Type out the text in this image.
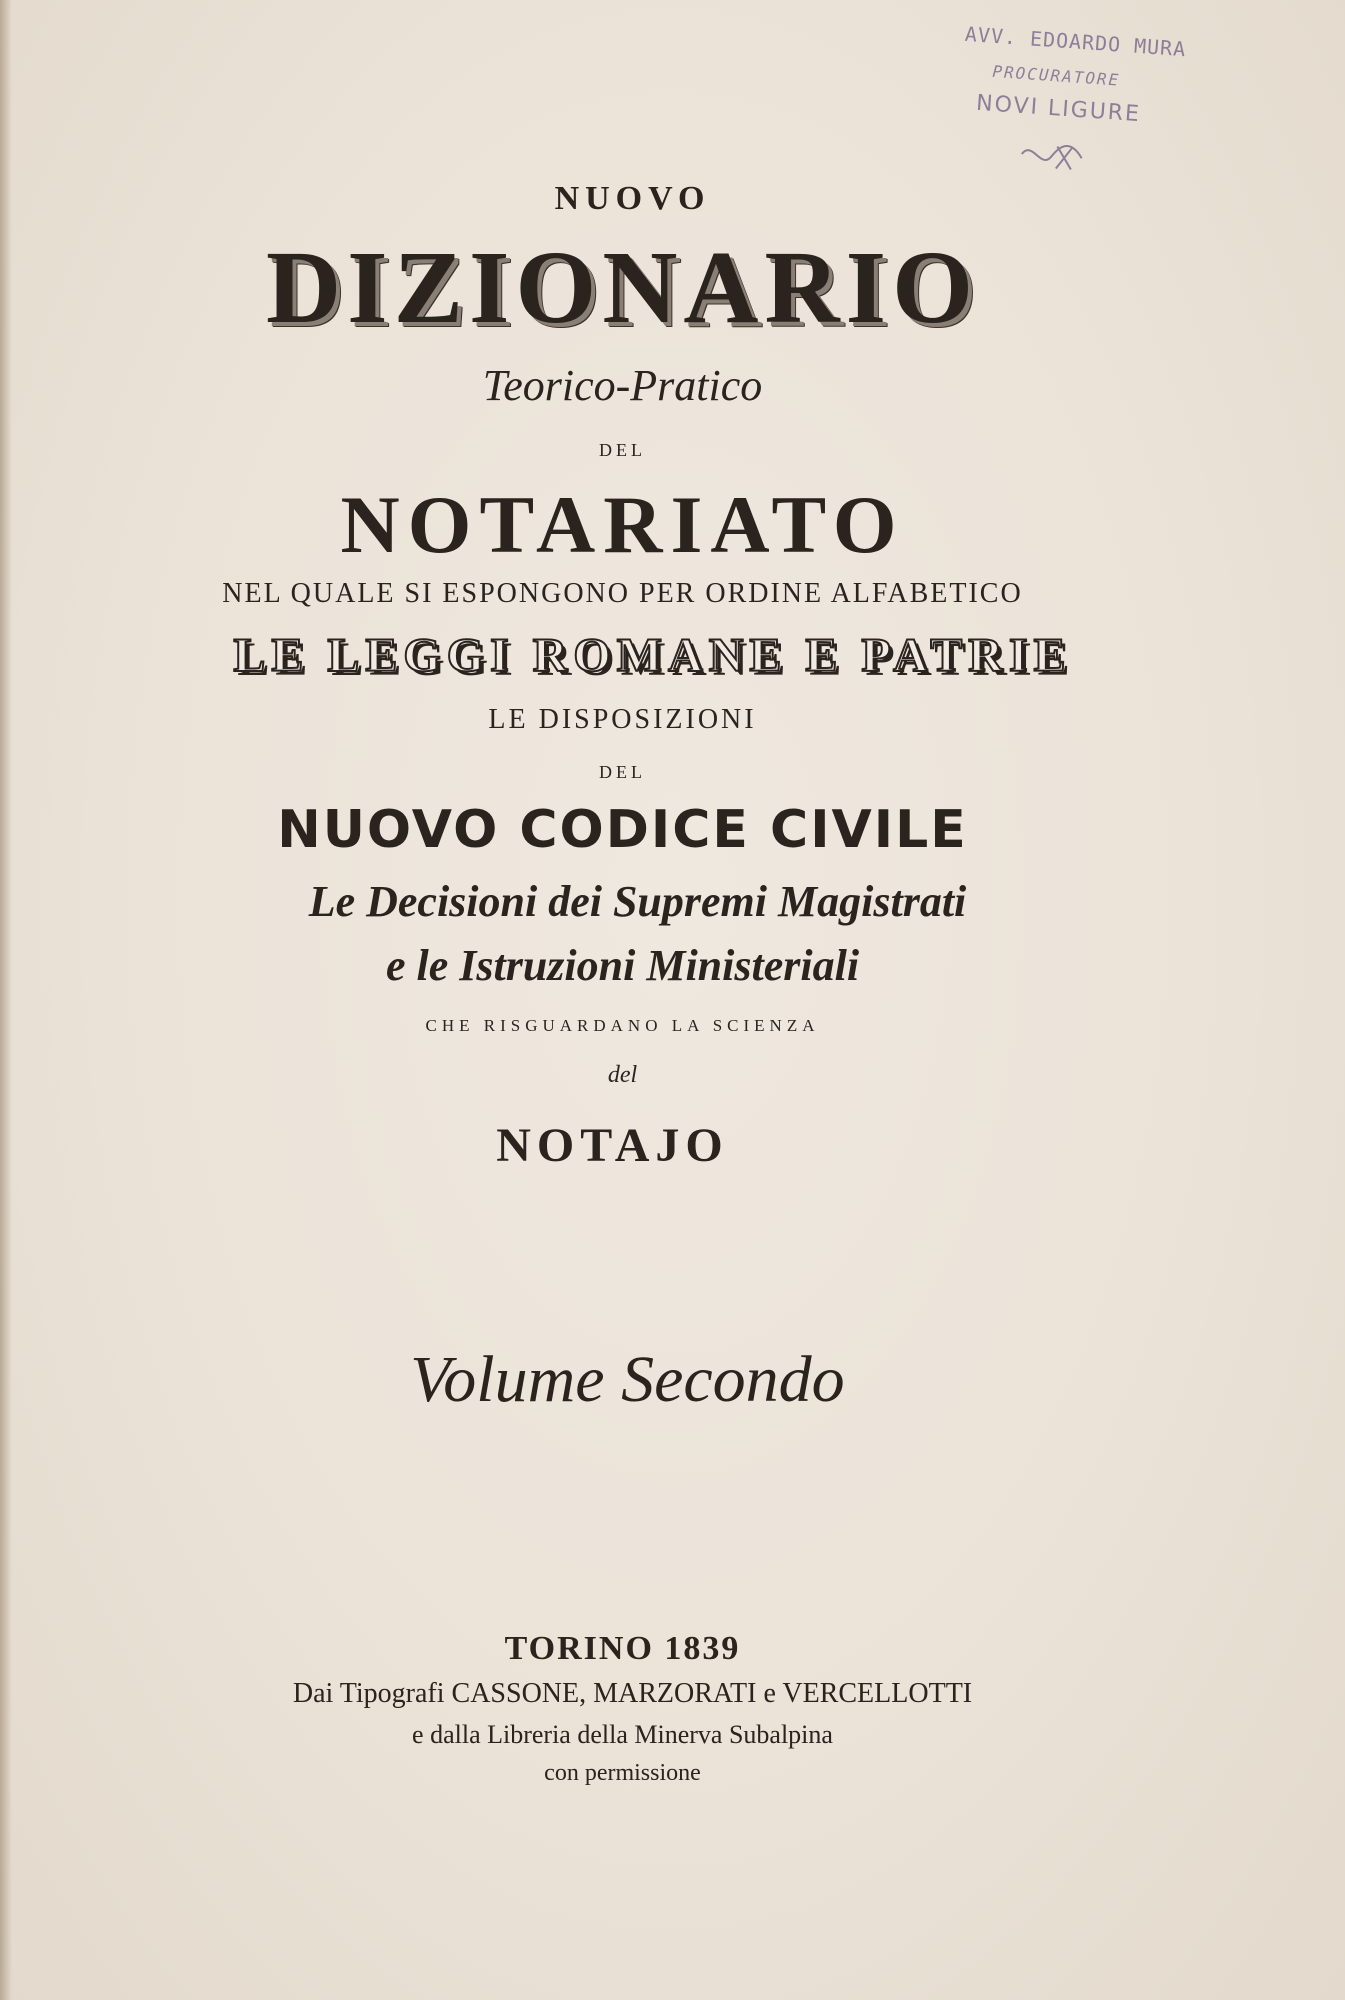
AVV. EDOARDO MURA
PROCURATORE
NOVI LIGURE

NUOVO

DIZIONARIO

Teorico-Pratico

DEL

NOTARIATO

NEL QUALE SI ESPONGONO PER ORDINE ALFABETICO

LE LEGGI ROMANE E PATRIE

LE DISPOSIZIONI

DEL

NUOVO CODICE CIVILE

Le Decisioni dei Supremi Magistrati

e le Istruzioni Ministeriali

CHE RISGUARDANO LA SCIENZA

del

NOTAJO

Volume Secondo

TORINO 1839

Dai Tipografi CASSONE, MARZORATI e VERCELLOTTI

e dalla Libreria della Minerva Subalpina

con permissione
